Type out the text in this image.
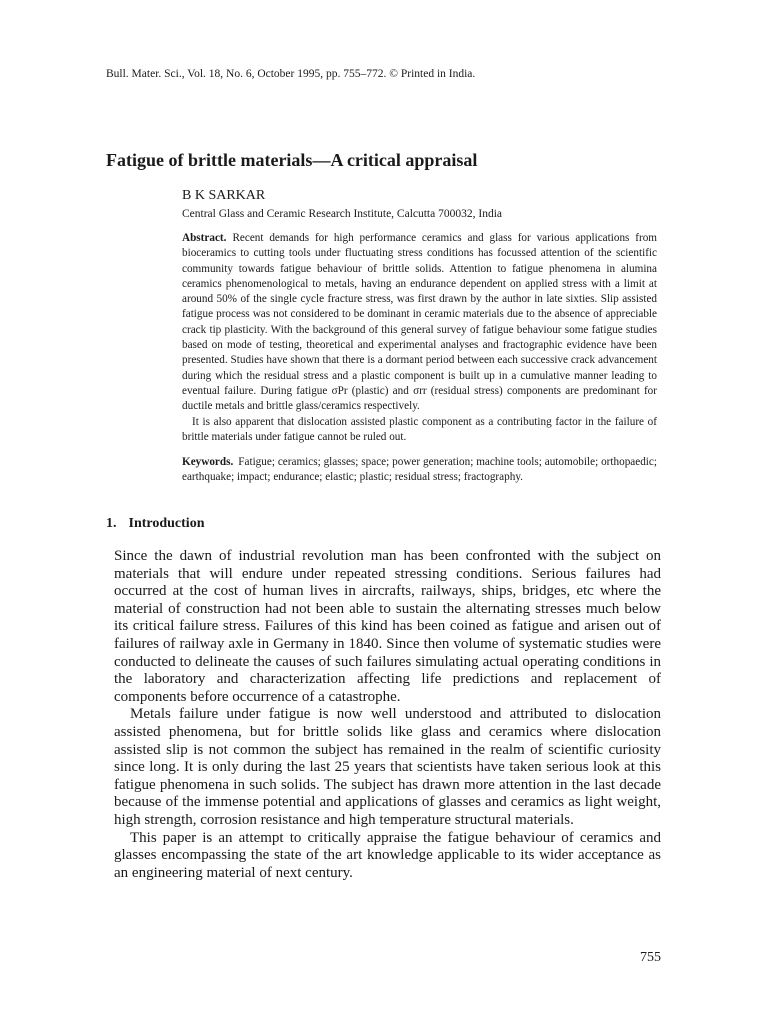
Bull. Mater. Sci., Vol. 18, No. 6, October 1995, pp. 755–772. © Printed in India.
Fatigue of brittle materials—A critical appraisal

B K SARKAR

Central Glass and Ceramic Research Institute, Calcutta 700032, India

Abstract. Recent demands for high performance ceramics and glass for various applications from bioceramics to cutting tools under fluctuating stress conditions has focussed attention of the scientific community towards fatigue behaviour of brittle solids. Attention to fatigue phenomena in alumina ceramics phenomenological to metals, having an endurance dependent on applied stress with a limit at around 50% of the single cycle fracture stress, was first drawn by the author in late sixties. Slip assisted fatigue process was not considered to be dominant in ceramic materials due to the absence of appreciable crack tip plasticity. With the background of this general survey of fatigue behaviour some fatigue studies based on mode of testing, theoretical and experimental analyses and fractographic evidence have been presented. Studies have shown that there is a dormant period between each successive crack advancement during which the residual stress and a plastic component is built up in a cumulative manner leading to eventual failure. During fatigue σPr (plastic) and σrr (residual stress) components are predominant for ductile metals and brittle glass/ceramics respectively.

It is also apparent that dislocation assisted plastic component as a contributing factor in the failure of brittle materials under fatigue cannot be ruled out.

Keywords. Fatigue; ceramics; glasses; space; power generation; machine tools; automobile; orthopaedic; earthquake; impact; endurance; elastic; plastic; residual stress; fractography.
1. Introduction

Since the dawn of industrial revolution man has been confronted with the subject on materials that will endure under repeated stressing conditions. Serious failures had occurred at the cost of human lives in aircrafts, railways, ships, bridges, etc where the material of construction had not been able to sustain the alternating stresses much below its critical failure stress. Failures of this kind has been coined as fatigue and arisen out of failures of railway axle in Germany in 1840. Since then volume of systematic studies were conducted to delineate the causes of such failures simulating actual operating conditions in the laboratory and characterization affecting life predictions and replacement of components before occurrence of a catastrophe.

Metals failure under fatigue is now well understood and attributed to dislocation assisted phenomena, but for brittle solids like glass and ceramics where dislocation assisted slip is not common the subject has remained in the realm of scientific curiosity since long. It is only during the last 25 years that scientists have taken serious look at this fatigue phenomena in such solids. The subject has drawn more attention in the last decade because of the immense potential and applications of glasses and ceramics as light weight, high strength, corrosion resistance and high temperature structural materials.

This paper is an attempt to critically appraise the fatigue behaviour of ceramics and glasses encompassing the state of the art knowledge applicable to its wider acceptance as an engineering material of next century.

755
